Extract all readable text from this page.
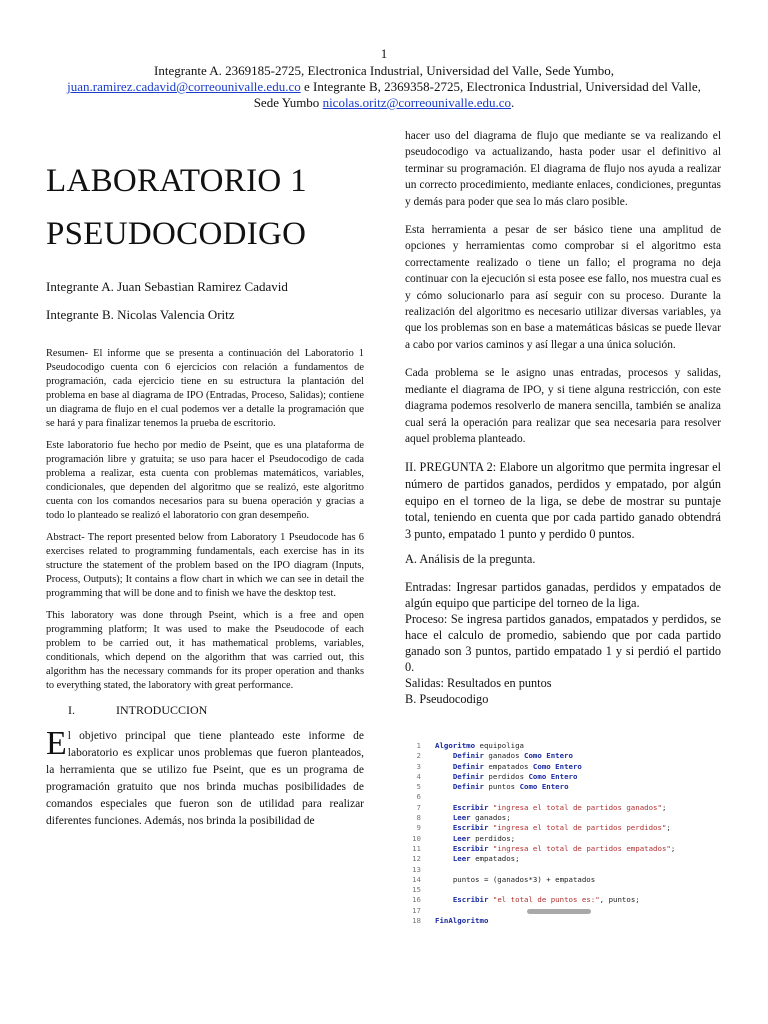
1
Integrante A. 2369185-2725, Electronica Industrial, Universidad del Valle, Sede Yumbo,
juan.ramirez.cadavid@correounivalle.edu.co e Integrante B, 2369358-2725, Electronica Industrial, Universidad del Valle,
Sede Yumbo nicolas.oritz@correounivalle.edu.co.
LABORATORIO 1
PSEUDOCODIGO
Integrante A. Juan Sebastian Ramirez Cadavid
Integrante B. Nicolas Valencia Oritz

Resumen- El informe que se presenta a continuación del Laboratorio 1 Pseudocodigo cuenta con 6 ejercicios con relación a fundamentos de programación, cada ejercicio tiene en su estructura la plantación del problema en base al diagrama de IPO (Entradas, Proceso, Salidas); contiene un diagrama de flujo en el cual podemos ver a detalle la programación que se hará y para finalizar tenemos la prueba de escritorio.

Este laboratorio fue hecho por medio de Pseint, que es una plataforma de programación libre y gratuita; se uso para hacer el Pseudocodigo de cada problema a realizar, esta cuenta con problemas matemáticos, variables, condicionales, que dependen del algoritmo que se realizó, este algoritmo cuenta con los comandos necesarios para su buena operación y gracias a todo lo planteado se realizó el laboratorio con gran desempeño.

Abstract- The report presented below from Laboratory 1 Pseudocode has 6 exercises related to programming fundamentals, each exercise has in its structure the statement of the problem based on the IPO diagram (Inputs, Process, Outputs); It contains a flow chart in which we can see in detail the programming that will be done and to finish we have the desktop test.

This laboratory was done through Pseint, which is a free and open programming platform; It was used to make the Pseudocode of each problem to be carried out, it has mathematical problems, variables, conditionals, which depend on the algorithm that was carried out, this algorithm has the necessary commands for its proper operation and thanks to everything stated, the laboratory with great performance.

I.	INTRODUCCION
El objetivo principal que tiene planteado este informe de laboratorio es explicar unos problemas que fueron planteados, la herramienta que se utilizo fue Pseint, que es un programa de programación gratuito que nos brinda muchas posibilidades de comandos especiales que fueron son de utilidad para realizar diferentes funciones. Además, nos brinda la posibilidad de

hacer uso del diagrama de flujo que mediante se va realizando el pseudocodigo va actualizando, hasta poder usar el definitivo al terminar su programación. El diagrama de flujo nos ayuda a realizar un correcto procedimiento, mediante enlaces, condiciones, preguntas y demás para poder que sea lo más claro posible.

Esta herramienta a pesar de ser básico tiene una amplitud de opciones y herramientas como comprobar si el algoritmo esta correctamente realizado o tiene un fallo; el programa no deja continuar con la ejecución si esta posee ese fallo, nos muestra cual es y cómo solucionarlo para así seguir con su proceso. Durante la realización del algoritmo es necesario utilizar diversas variables, ya que los problemas son en base a matemáticas básicas se puede llevar a cabo por varios caminos y así llegar a una única solución.

Cada problema se le asigno unas entradas, procesos y salidas, mediante el diagrama de IPO, y si tiene alguna restricción, con este diagrama podemos resolverlo de manera sencilla, también se analiza cual será la operación para realizar que sea necesaria para resolver aquel problema planteado.

II. PREGUNTA 2: Elabore un algoritmo que permita ingresar el número de partidos ganados, perdidos y empatado, por algún equipo en el torneo de la liga, se debe de mostrar su puntaje total, teniendo en cuenta que por cada partido ganado obtendrá 3 punto, empatado 1 punto y perdido 0 puntos.
A. Análisis de la pregunta.
Entradas: Ingresar partidos ganadas, perdidos y empatados de algún equipo que participe del torneo de la liga.
Proceso: Se ingresa partidos ganados, empatados y perdidos, se hace el calculo de promedio, sabiendo que por cada partido ganado son 3 puntos, partido empatado 1 y si perdió el partido 0.
Salidas: Resultados en puntos
B. Pseudocodigo
1	Algoritmo equipoliga
2	Definir ganados Como Entero
3	Definir empatados Como Entero
4	Definir perdidos Como Entero
5	Definir puntos Como Entero
6
7	Escribir "ingresa el total de partidos ganados";
8	Leer ganados;
9	Escribir "ingresa el total de partidos perdidos";
10	Leer perdidos;
11	Escribir "ingresa el total de partidos empatados";
12	Leer empatados;
13
14	puntos = (ganados*3) + empatados
15
16	Escribir "el total de puntos es:", puntos;
17
18	FinAlgoritmo
